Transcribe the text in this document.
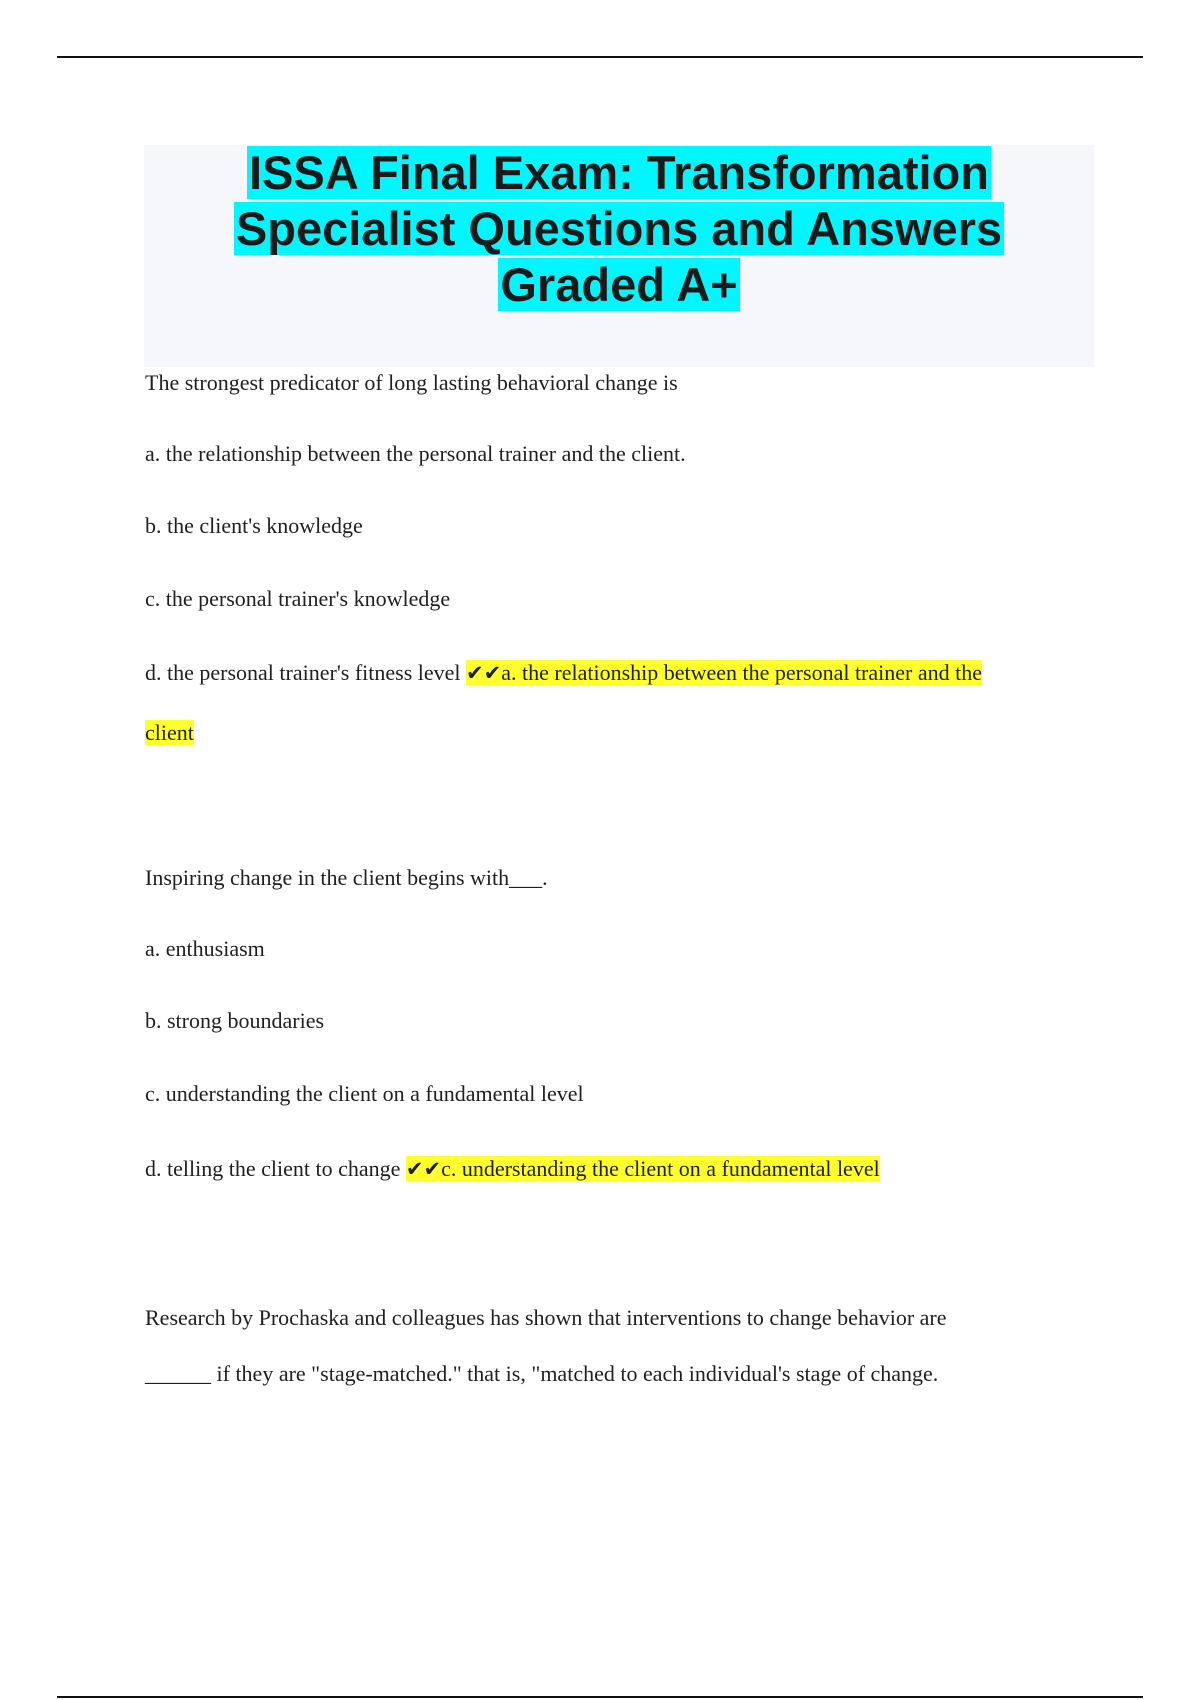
ISSA Final Exam: Transformation
Specialist Questions and Answers
Graded A+

The strongest predicator of long lasting behavioral change is

a. the relationship between the personal trainer and the client.

b. the client's knowledge

c. the personal trainer's knowledge

d. the personal trainer's fitness level ✔✔a. the relationship between the personal trainer and the

client

Inspiring change in the client begins with___.

a. enthusiasm

b. strong boundaries

c. understanding the client on a fundamental level

d. telling the client to change ✔✔c. understanding the client on a fundamental level

Research by Prochaska and colleagues has shown that interventions to change behavior are

______ if they are "stage-matched." that is, "matched to each individual's stage of change.
